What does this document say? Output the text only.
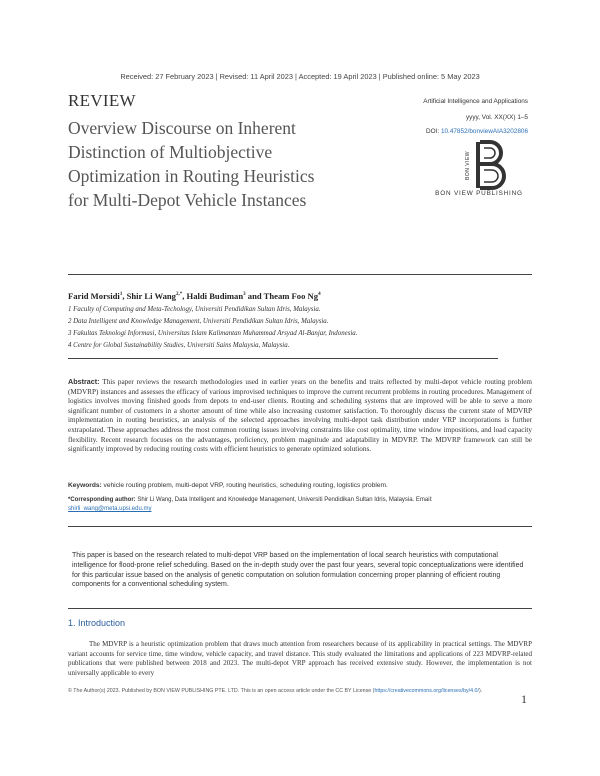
Received: 27 February 2023 | Revised: 11 April 2023 | Accepted: 19 April 2023 | Published online: 5 May 2023
REVIEW
Overview Discourse on Inherent Distinction of Multiobjective Optimization in Routing Heuristics for Multi-Depot Vehicle Instances
Artificial Intelligence and Applications
yyyy, Vol. XX(XX) 1–5
DOI: 10.47852/bonviewAIA3202806
BON VIEW
BON VIEW PUBLISHING
Farid Morsidi$^1$, Shir Li Wang$^{2,*}$, Haldi Budiman$^3$ and Theam Foo Ng$^4$
1 Faculty of Computing and Meta-Techology, Universiti Pendidikan Sultan Idris, Malaysia.
2 Data Intelligent and Knowledge Management, Universiti Pendidikan Sultan Idris, Malaysia.
3 Fakultas Teknologi Informasi, Universitas Islam Kalimantan Muhammad Arsyad Al-Banjar, Indonesia.
4 Centre for Global Sustainability Studies, Universiti Sains Malaysia, Malaysia.
Abstract: This paper reviews the research methodologies used in earlier years on the benefits and traits reflected by multi-depot vehicle routing problem (MDVRP) instances and assesses the efficacy of various improvised techniques to improve the current recurrent problems in routing procedures. Management of logistics involves moving finished goods from depots to end-user clients. Routing and scheduling systems that are improved will be able to serve a more significant number of customers in a shorter amount of time while also increasing customer satisfaction. To thoroughly discuss the current state of MDVRP implementation in routing heuristics, an analysis of the selected approaches involving multi-depot task distribution under VRP incorporations is further extrapolated. These approaches address the most common routing issues involving constraints like cost optimality, time window impositions, and load capacity flexibility. Recent research focuses on the advantages, proficiency, problem magnitude and adaptability in MDVRP. The MDVRP framework can still be significantly improved by reducing routing costs with efficient heuristics to generate optimized solutions.
Keywords: vehicle routing problem, multi-depot VRP, routing heuristics, scheduling routing, logistics problem.
*Corresponding author: Shir Li Wang, Data Intelligent and Knowledge Management, Universiti Pendidikan Sultan Idris, Malaysia. Email:
shirli_wang@meta.upsi.edu.my
This paper is based on the research related to multi-depot VRP based on the implementation of local search heuristics with computational intelligence for flood-prone relief scheduling. Based on the in-depth study over the past four years, several topic conceptualizations were identified for this particular issue based on the analysis of genetic computation on solution formulation concerning proper planning of efficient routing components for a conventional scheduling system.
1. Introduction
   The MDVRP is a heuristic optimization problem that draws much attention from researchers because of its applicability in practical settings. The MDVRP variant accounts for service time, time window, vehicle capacity, and travel distance. This study evaluated the limitations and applications of 223 MDVRP-related publications that were published between 2018 and 2023. The multi-depot VRP approach has received extensive study. However, the implementation is not universally applicable to every
© The Author(s) 2023. Published by BON VIEW PUBLISHING PTE. LTD. This is an open access article under the CC BY License (https://creativecommons.org/licenses/by/4.0/).
1
